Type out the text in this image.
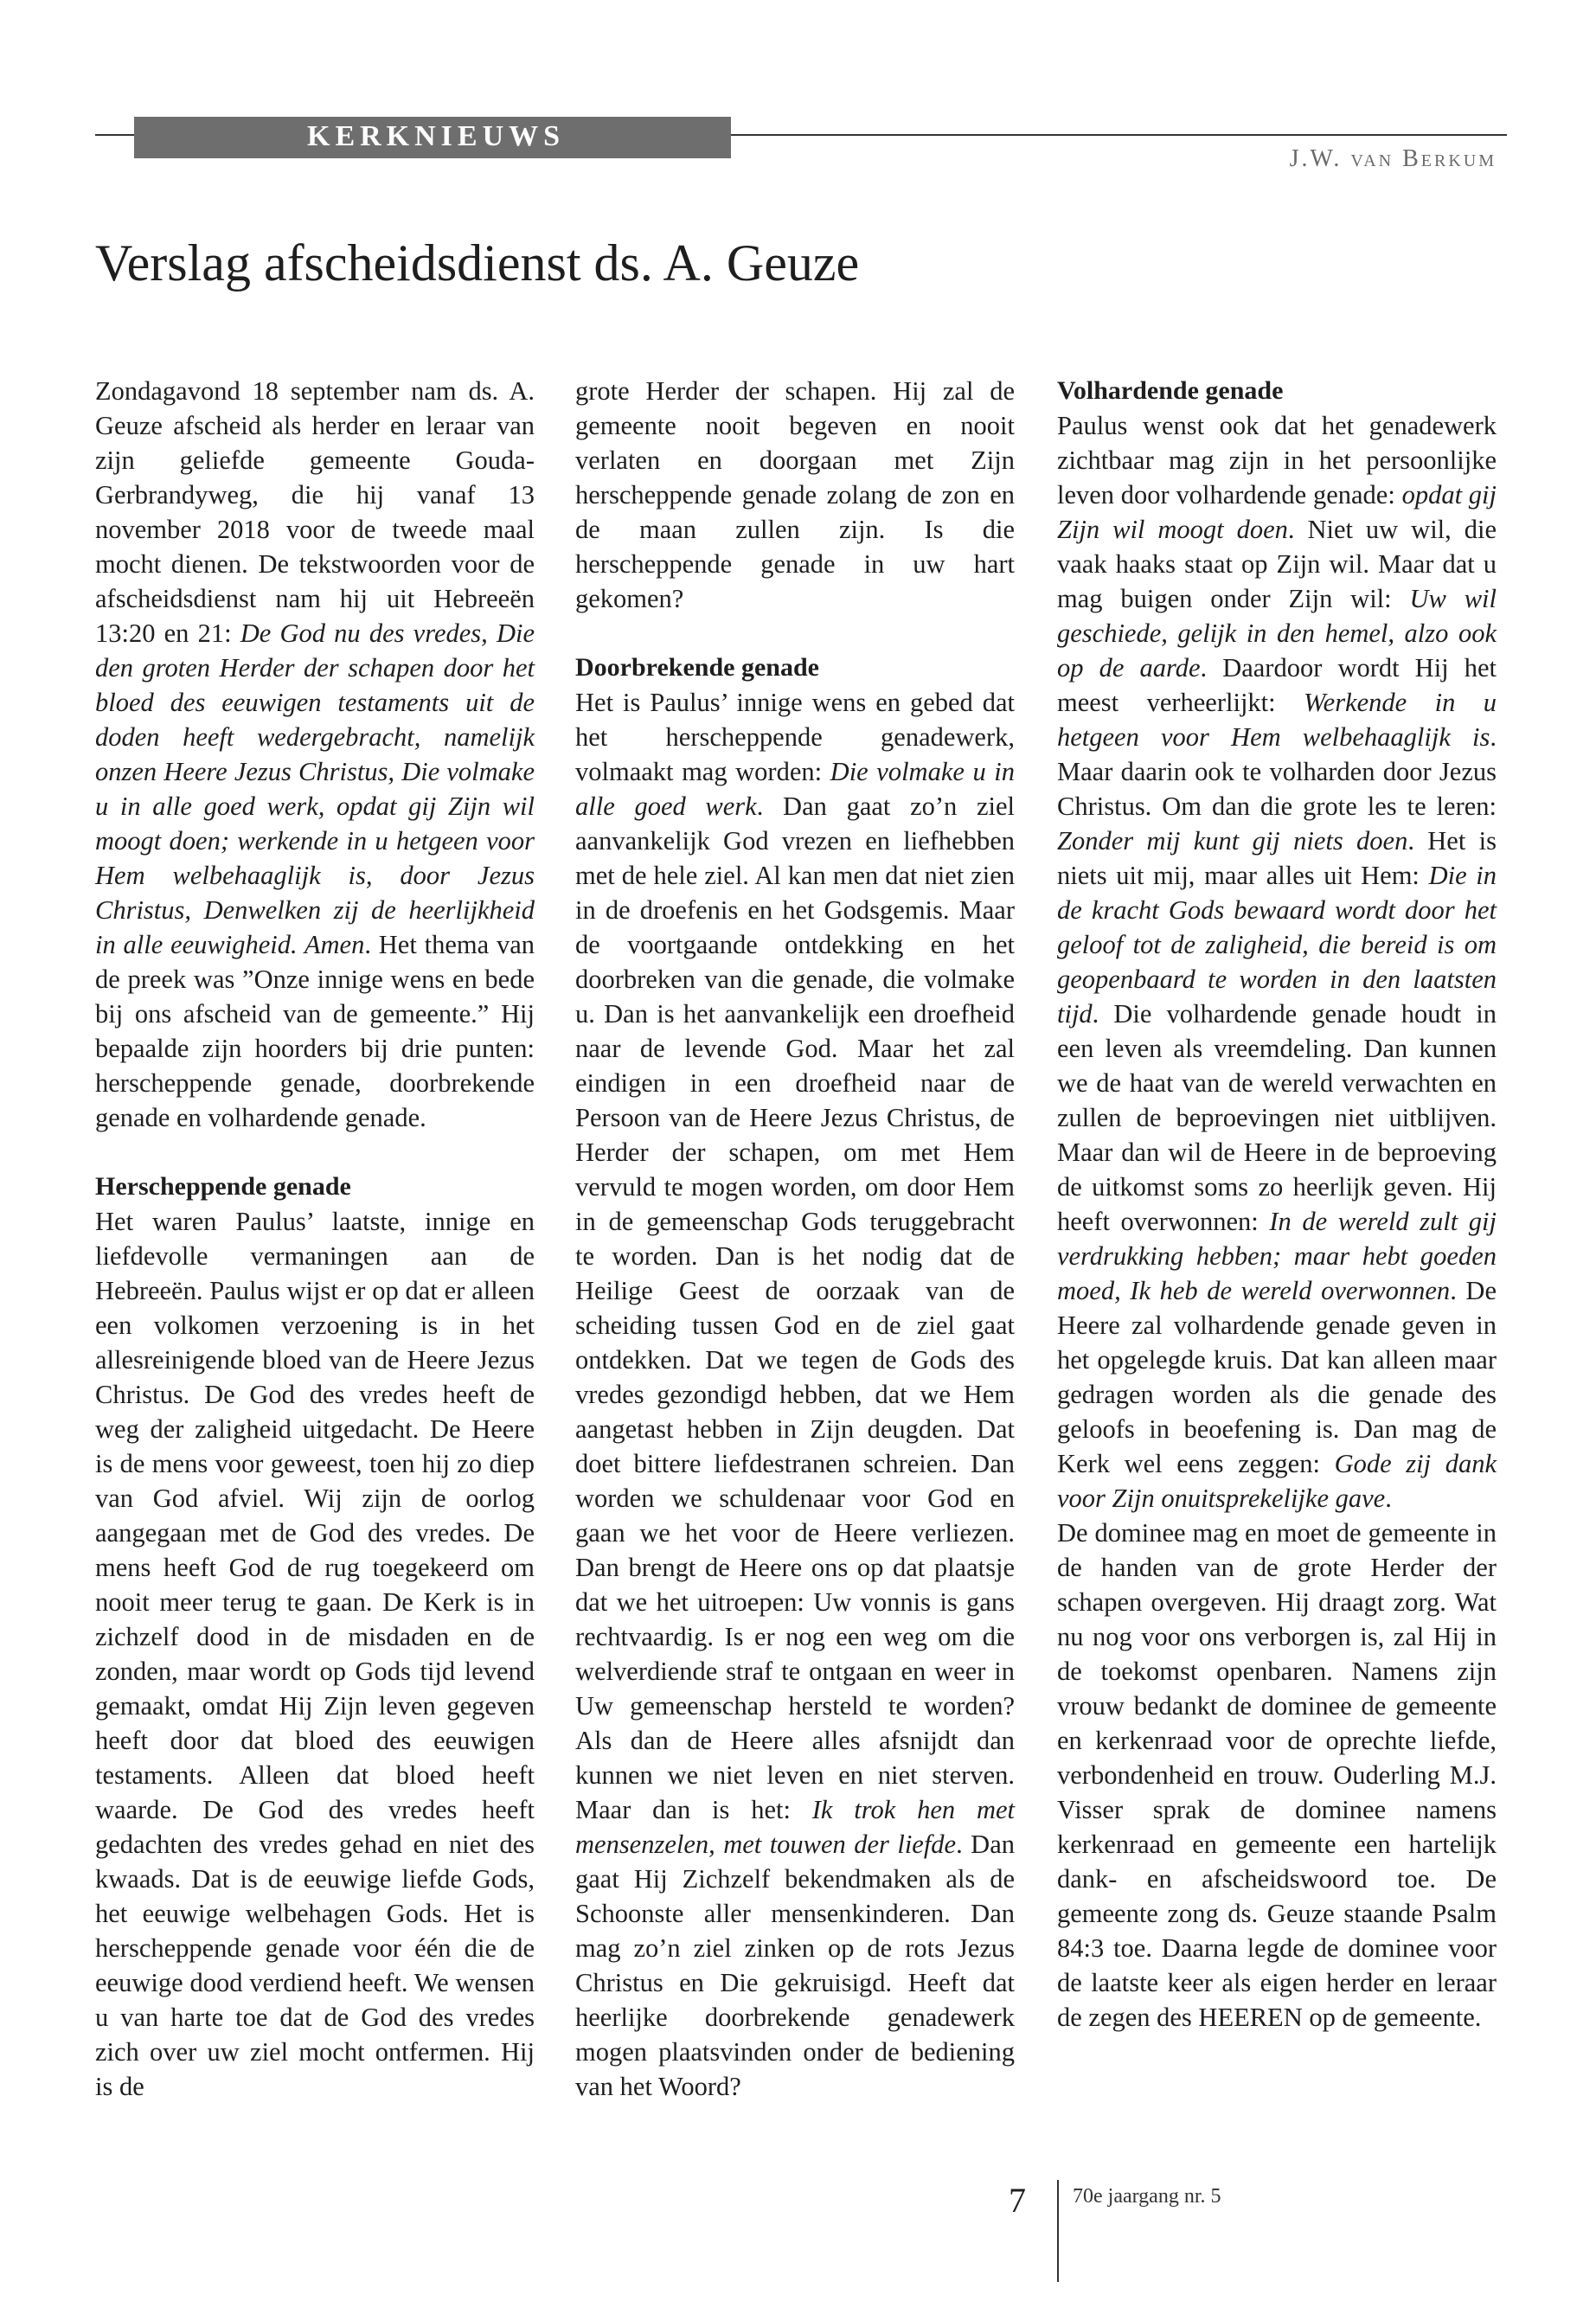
KERKNIEUWS
J.W. van Berkum
Verslag afscheidsdienst ds. A. Geuze

Zondagavond 18 september nam ds. A. Geuze afscheid als herder en leraar van zijn geliefde gemeente Gouda-Gerbrandyweg, die hij vanaf 13 november 2018 voor de tweede maal mocht dienen. De tekstwoorden voor de afscheidsdienst nam hij uit Hebreeën 13:20 en 21: De God nu des vredes, Die den groten Herder der schapen door het bloed des eeuwigen testaments uit de doden heeft wedergebracht, namelijk onzen Heere Jezus Christus, Die volmake u in alle goed werk, opdat gij Zijn wil moogt doen; werkende in u hetgeen voor Hem welbehaaglijk is, door Jezus Christus, Denwelken zij de heerlijkheid in alle eeuwigheid. Amen. Het thema van de preek was ”Onze innige wens en bede bij ons afscheid van de gemeente.” Hij bepaalde zijn hoorders bij drie punten: herscheppende genade, doorbrekende genade en volhardende genade.

Herscheppende genade

Het waren Paulus’ laatste, innige en liefdevolle vermaningen aan de Hebreeën. Paulus wijst er op dat er alleen een volkomen verzoening is in het allesreinigende bloed van de Heere Jezus Christus. De God des vredes heeft de weg der zaligheid uitgedacht. De Heere is de mens voor geweest, toen hij zo diep van God afviel. Wij zijn de oorlog aangegaan met de God des vredes. De mens heeft God de rug toegekeerd om nooit meer terug te gaan. De Kerk is in zichzelf dood in de misdaden en de zonden, maar wordt op Gods tijd levend gemaakt, omdat Hij Zijn leven gegeven heeft door dat bloed des eeuwigen testaments. Alleen dat bloed heeft waarde. De God des vredes heeft gedachten des vredes gehad en niet des kwaads. Dat is de eeuwige liefde Gods, het eeuwige welbehagen Gods. Het is herscheppende genade voor één die de eeuwige dood verdiend heeft. We wensen u van harte toe dat de God des vredes zich over uw ziel mocht ontfermen. Hij is de

grote Herder der schapen. Hij zal de gemeente nooit begeven en nooit verlaten en doorgaan met Zijn herscheppende genade zolang de zon en de maan zullen zijn. Is die herscheppende genade in uw hart gekomen?

Doorbrekende genade

Het is Paulus’ innige wens en gebed dat het herscheppende genadewerk, volmaakt mag worden: Die volmake u in alle goed werk. Dan gaat zo’n ziel aanvankelijk God vrezen en liefhebben met de hele ziel. Al kan men dat niet zien in de droefenis en het Godsgemis. Maar de voortgaande ontdekking en het doorbreken van die genade, die volmake u. Dan is het aanvankelijk een droefheid naar de levende God. Maar het zal eindigen in een droefheid naar de Persoon van de Heere Jezus Christus, de Herder der schapen, om met Hem vervuld te mogen worden, om door Hem in de gemeenschap Gods teruggebracht te worden. Dan is het nodig dat de Heilige Geest de oorzaak van de scheiding tussen God en de ziel gaat ontdekken. Dat we tegen de Gods des vredes gezondigd hebben, dat we Hem aangetast hebben in Zijn deugden. Dat doet bittere liefdestranen schreien. Dan worden we schuldenaar voor God en gaan we het voor de Heere verliezen. Dan brengt de Heere ons op dat plaatsje dat we het uitroepen: Uw vonnis is gans rechtvaardig. Is er nog een weg om die welverdiende straf te ontgaan en weer in Uw gemeenschap hersteld te worden? Als dan de Heere alles afsnijdt dan kunnen we niet leven en niet sterven. Maar dan is het: Ik trok hen met mensenzelen, met touwen der liefde. Dan gaat Hij Zichzelf bekendmaken als de Schoonste aller mensenkinderen. Dan mag zo’n ziel zinken op de rots Jezus Christus en Die gekruisigd. Heeft dat heerlijke doorbrekende genadewerk mogen plaatsvinden onder de bediening van het Woord?

Volhardende genade

Paulus wenst ook dat het genadewerk zichtbaar mag zijn in het persoonlijke leven door volhardende genade: opdat gij Zijn wil moogt doen. Niet uw wil, die vaak haaks staat op Zijn wil. Maar dat u mag buigen onder Zijn wil: Uw wil geschiede, gelijk in den hemel, alzo ook op de aarde. Daardoor wordt Hij het meest verheerlijkt: Werkende in u hetgeen voor Hem welbehaaglijk is. Maar daarin ook te volharden door Jezus Christus. Om dan die grote les te leren: Zonder mij kunt gij niets doen. Het is niets uit mij, maar alles uit Hem: Die in de kracht Gods bewaard wordt door het geloof tot de zaligheid, die bereid is om geopenbaard te worden in den laatsten tijd. Die volhardende genade houdt in een leven als vreemdeling. Dan kunnen we de haat van de wereld verwachten en zullen de beproevingen niet uitblijven. Maar dan wil de Heere in de beproeving de uitkomst soms zo heerlijk geven. Hij heeft overwonnen: In de wereld zult gij verdrukking hebben; maar hebt goeden moed, Ik heb de wereld overwonnen. De Heere zal volhardende genade geven in het opgelegde kruis. Dat kan alleen maar gedragen worden als die genade des geloofs in beoefening is. Dan mag de Kerk wel eens zeggen: Gode zij dank voor Zijn onuitsprekelijke gave.

De dominee mag en moet de gemeente in de handen van de grote Herder der schapen overgeven. Hij draagt zorg. Wat nu nog voor ons verborgen is, zal Hij in de toekomst openbaren. Namens zijn vrouw bedankt de dominee de gemeente en kerkenraad voor de oprechte liefde, verbondenheid en trouw. Ouderling M.J. Visser sprak de dominee namens kerkenraad en gemeente een hartelijk dank- en afscheidswoord toe. De gemeente zong ds. Geuze staande Psalm 84:3 toe. Daarna legde de dominee voor de laatste keer als eigen herder en leraar de zegen des HEEREN op de gemeente.

7 70e jaargang nr. 5
